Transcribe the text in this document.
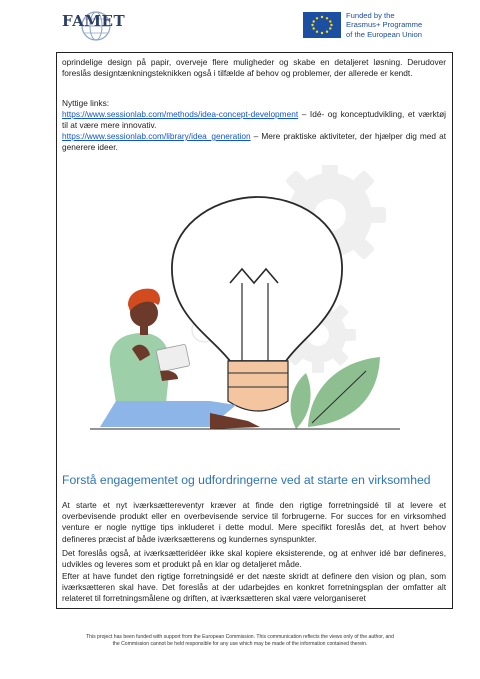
FAMET	Funded by the
Erasmus+ Programme
of the European Union
oprindelige design på papir, overveje flere muligheder og skabe en detaljeret løsning. Derudover foreslås designtænkningsteknikken også i tilfælde af behov og problemer, der allerede er kendt.
Nyttige links:
https://www.sessionlab.com/methods/idea-concept-development – Idé- og konceptudvikling, et værktøj til at være mere innovativ.
https://www.sessionlab.com/library/idea_generation – Mere praktiske aktiviteter, der hjælper dig med at generere ideer.
Forstå engagementet og udfordringerne ved at starte en virksomhed
At starte et nyt iværksættereventyr kræver at finde den rigtige forretningsidé til at levere et overbevisende produkt eller en overbevisende service til forbrugerne. For succes for en virksomhed venture er nogle nyttige tips inkluderet i dette modul. Mere specifikt foreslås det, at hvert behov defineres præcist af både iværksætterens og kundernes synspunkter.
Det foreslås også, at iværksætteridéer ikke skal kopiere eksisterende, og at enhver idé bør defineres, udvikles og leveres som et produkt på en klar og detaljeret måde.
Efter at have fundet den rigtige forretningsidé er det næste skridt at definere den vision og plan, som iværksætteren skal have. Det foreslås at der udarbejdes en konkret forretningsplan der omfatter alt relateret til forretningsmålene og driften, at iværksætteren skal være velorganiseret
This project has been funded with support from the European Commission. This communication reflects the views only of the author, and
the Commission cannot be held responsible for any use which may be made of the information contained therein.
